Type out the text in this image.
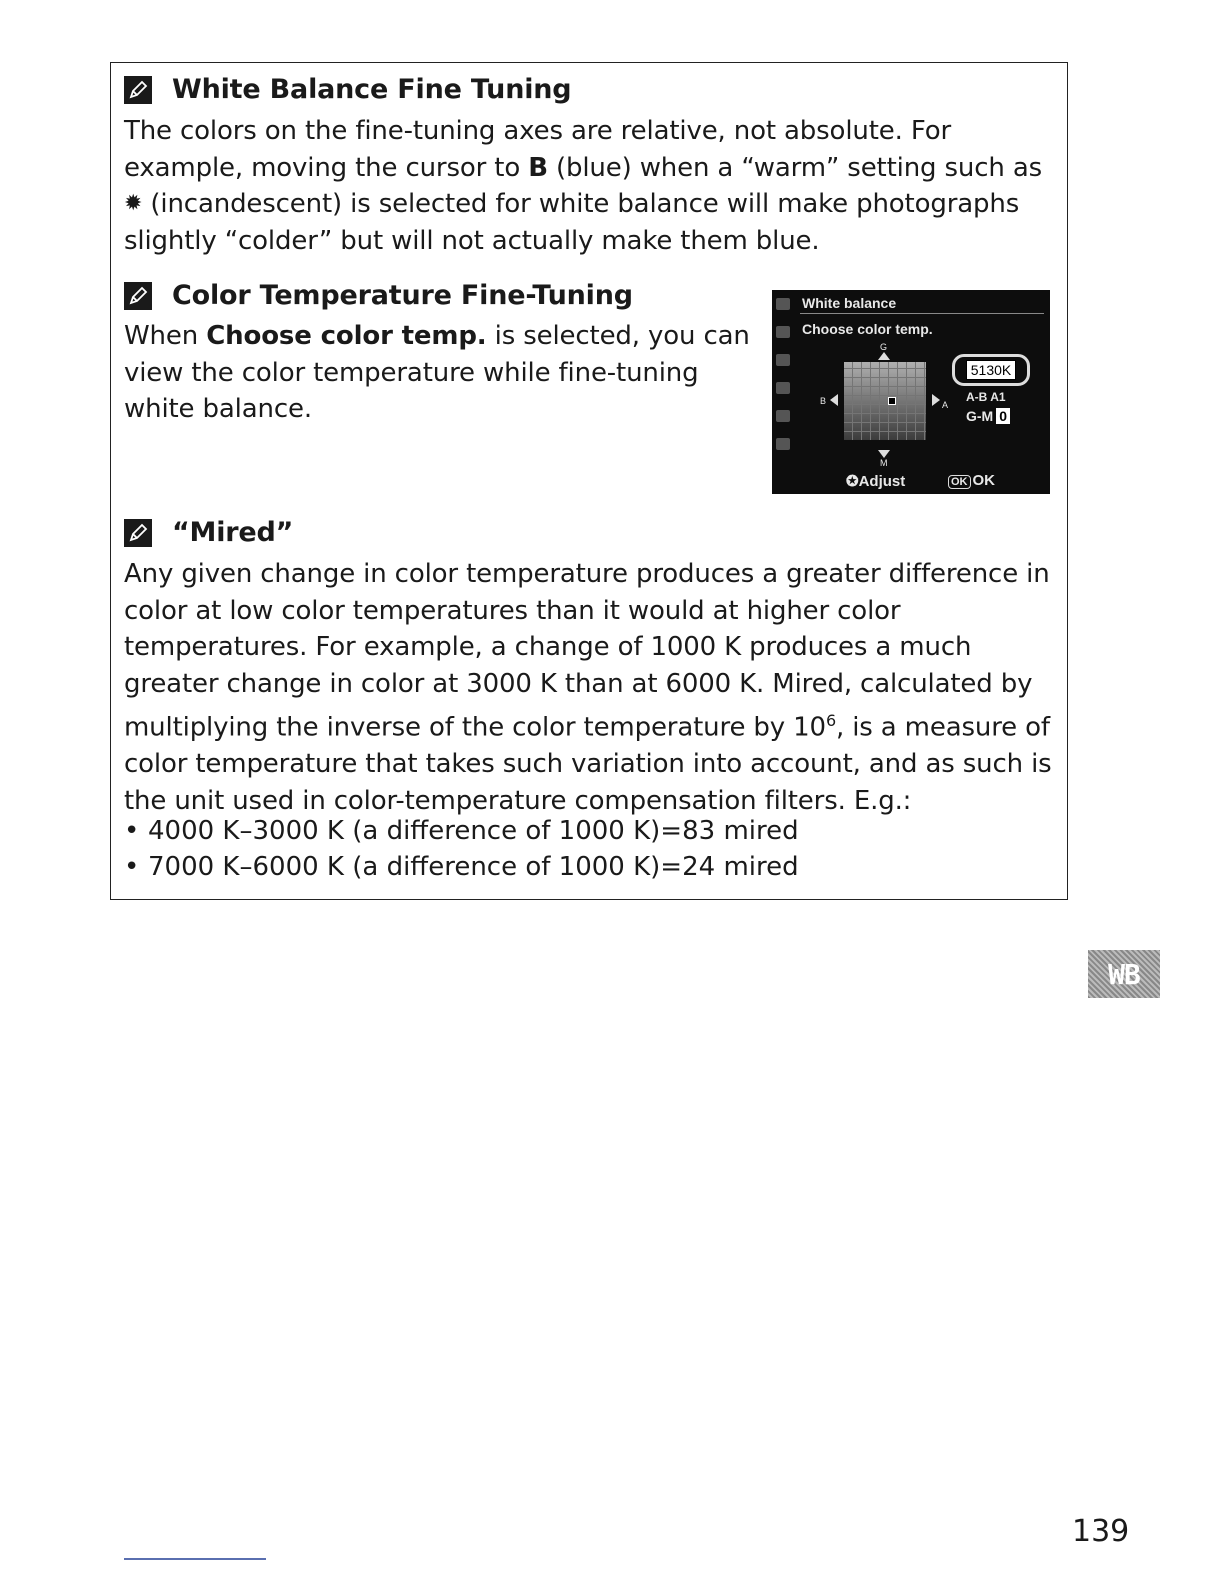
White Balance Fine Tuning
The colors on the fine-tuning axes are relative, not absolute. For
example, moving the cursor to B (blue) when a “warm” setting such as
✹ (incandescent) is selected for white balance will make photographs
slightly “colder” but will not actually make them blue.
Color Temperature Fine-Tuning
When Choose color temp. is selected, you can
view the color temperature while fine-tuning
white balance.
White balance
Choose color temp.
G
M
B	A
5130K
A-B A1
G-M 0
✪Adjust	OK OK
“Mired”
Any given change in color temperature produces a greater difference in
color at low color temperatures than it would at higher color
temperatures. For example, a change of 1000 K produces a much
greater change in color at 3000 K than at 6000 K. Mired, calculated by
multiplying the inverse of the color temperature by $10^6$, is a measure of
color temperature that takes such variation into account, and as such is
the unit used in color-temperature compensation filters. E.g.:
• 4000 K–3000 K (a difference of 1000 K)=83 mired
• 7000 K–6000 K (a difference of 1000 K)=24 mired
WB
139
